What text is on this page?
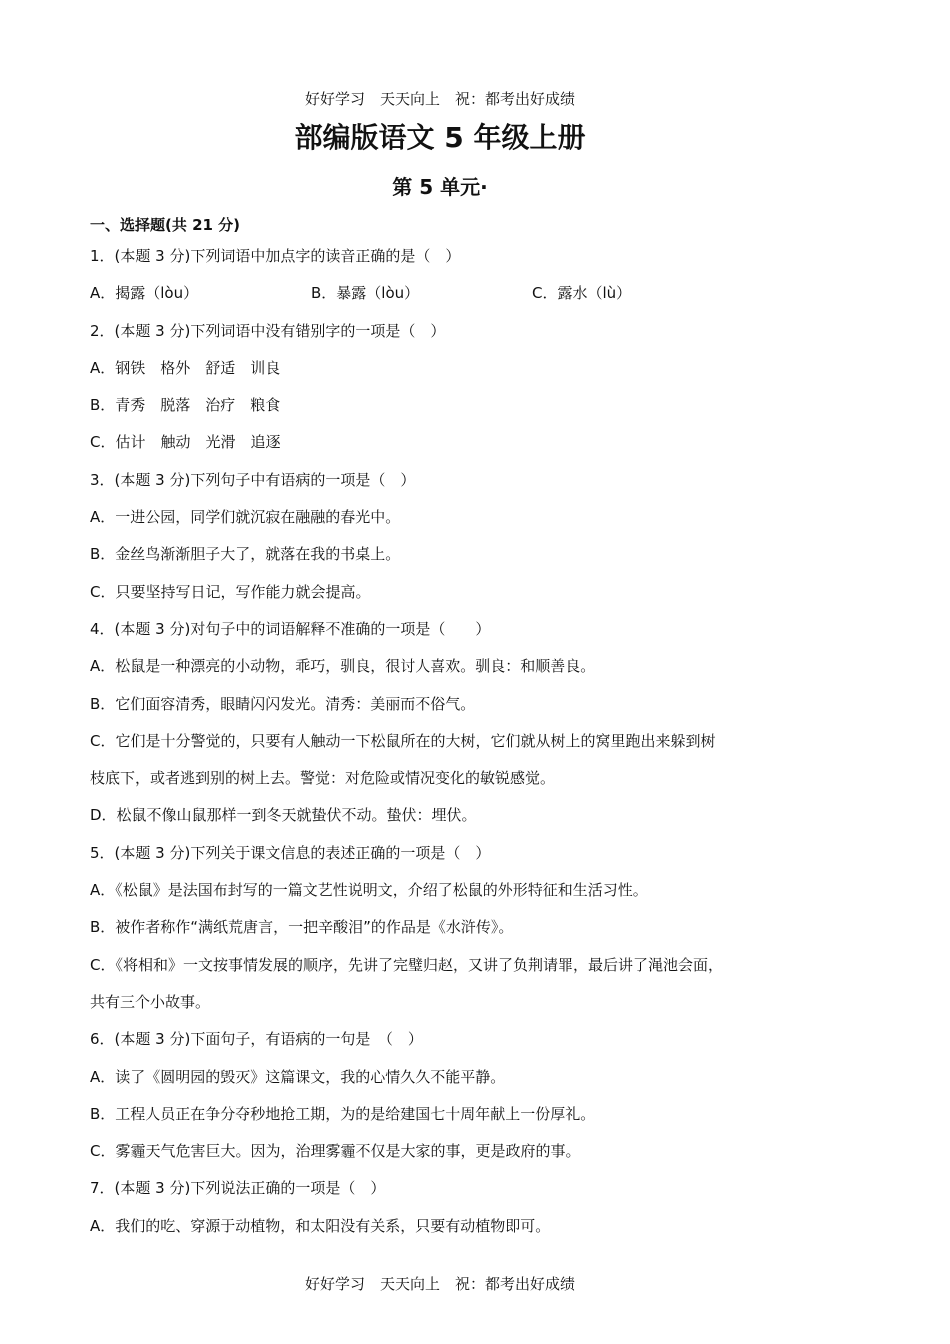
好好学习　天天向上　祝：都考出好成绩
部编版语文 5 年级上册
第 5 单元·
一、选择题(共 21 分)
1．(本题 3 分)下列词语中加点字的读音正确的是（　）
A．揭露（lòu）	B．暴露（lòu）	C．露水（lù）
2．(本题 3 分)下列词语中没有错别字的一项是（　）
A．钢铁　格外　舒适　训良
B．青秀　脱落　治疗　粮食
C．估计　触动　光滑　追逐
3．(本题 3 分)下列句子中有语病的一项是（　）
A．一进公园，同学们就沉寂在融融的春光中。
B．金丝鸟渐渐胆子大了，就落在我的书桌上。
C．只要坚持写日记，写作能力就会提高。
4．(本题 3 分)对句子中的词语解释不准确的一项是（　　）
A．松鼠是一种漂亮的小动物，乖巧，驯良，很讨人喜欢。驯良：和顺善良。
B．它们面容清秀，眼睛闪闪发光。清秀：美丽而不俗气。
C．它们是十分警觉的，只要有人触动一下松鼠所在的大树，它们就从树上的窝里跑出来躲到树
枝底下，或者逃到别的树上去。警觉：对危险或情况变化的敏锐感觉。
D．松鼠不像山鼠那样一到冬天就蛰伏不动。蛰伏：埋伏。
5．(本题 3 分)下列关于课文信息的表述正确的一项是（　）
A．《松鼠》是法国布封写的一篇文艺性说明文，介绍了松鼠的外形特征和生活习性。
B．被作者称作“满纸荒唐言，一把辛酸泪”的作品是《水浒传》。
C．《将相和》一文按事情发展的顺序，先讲了完璧归赵，又讲了负荆请罪，最后讲了渑池会面，
共有三个小故事。
6．(本题 3 分)下面句子，有语病的一句是　（　）
A．读了《圆明园的毁灭》这篇课文，我的心情久久不能平静。
B．工程人员正在争分夺秒地抢工期，为的是给建国七十周年献上一份厚礼。
C．雾霾天气危害巨大。因为，治理雾霾不仅是大家的事，更是政府的事。
7．(本题 3 分)下列说法正确的一项是（　）
A．我们的吃、穿源于动植物，和太阳没有关系，只要有动植物即可。
好好学习　天天向上　祝：都考出好成绩
